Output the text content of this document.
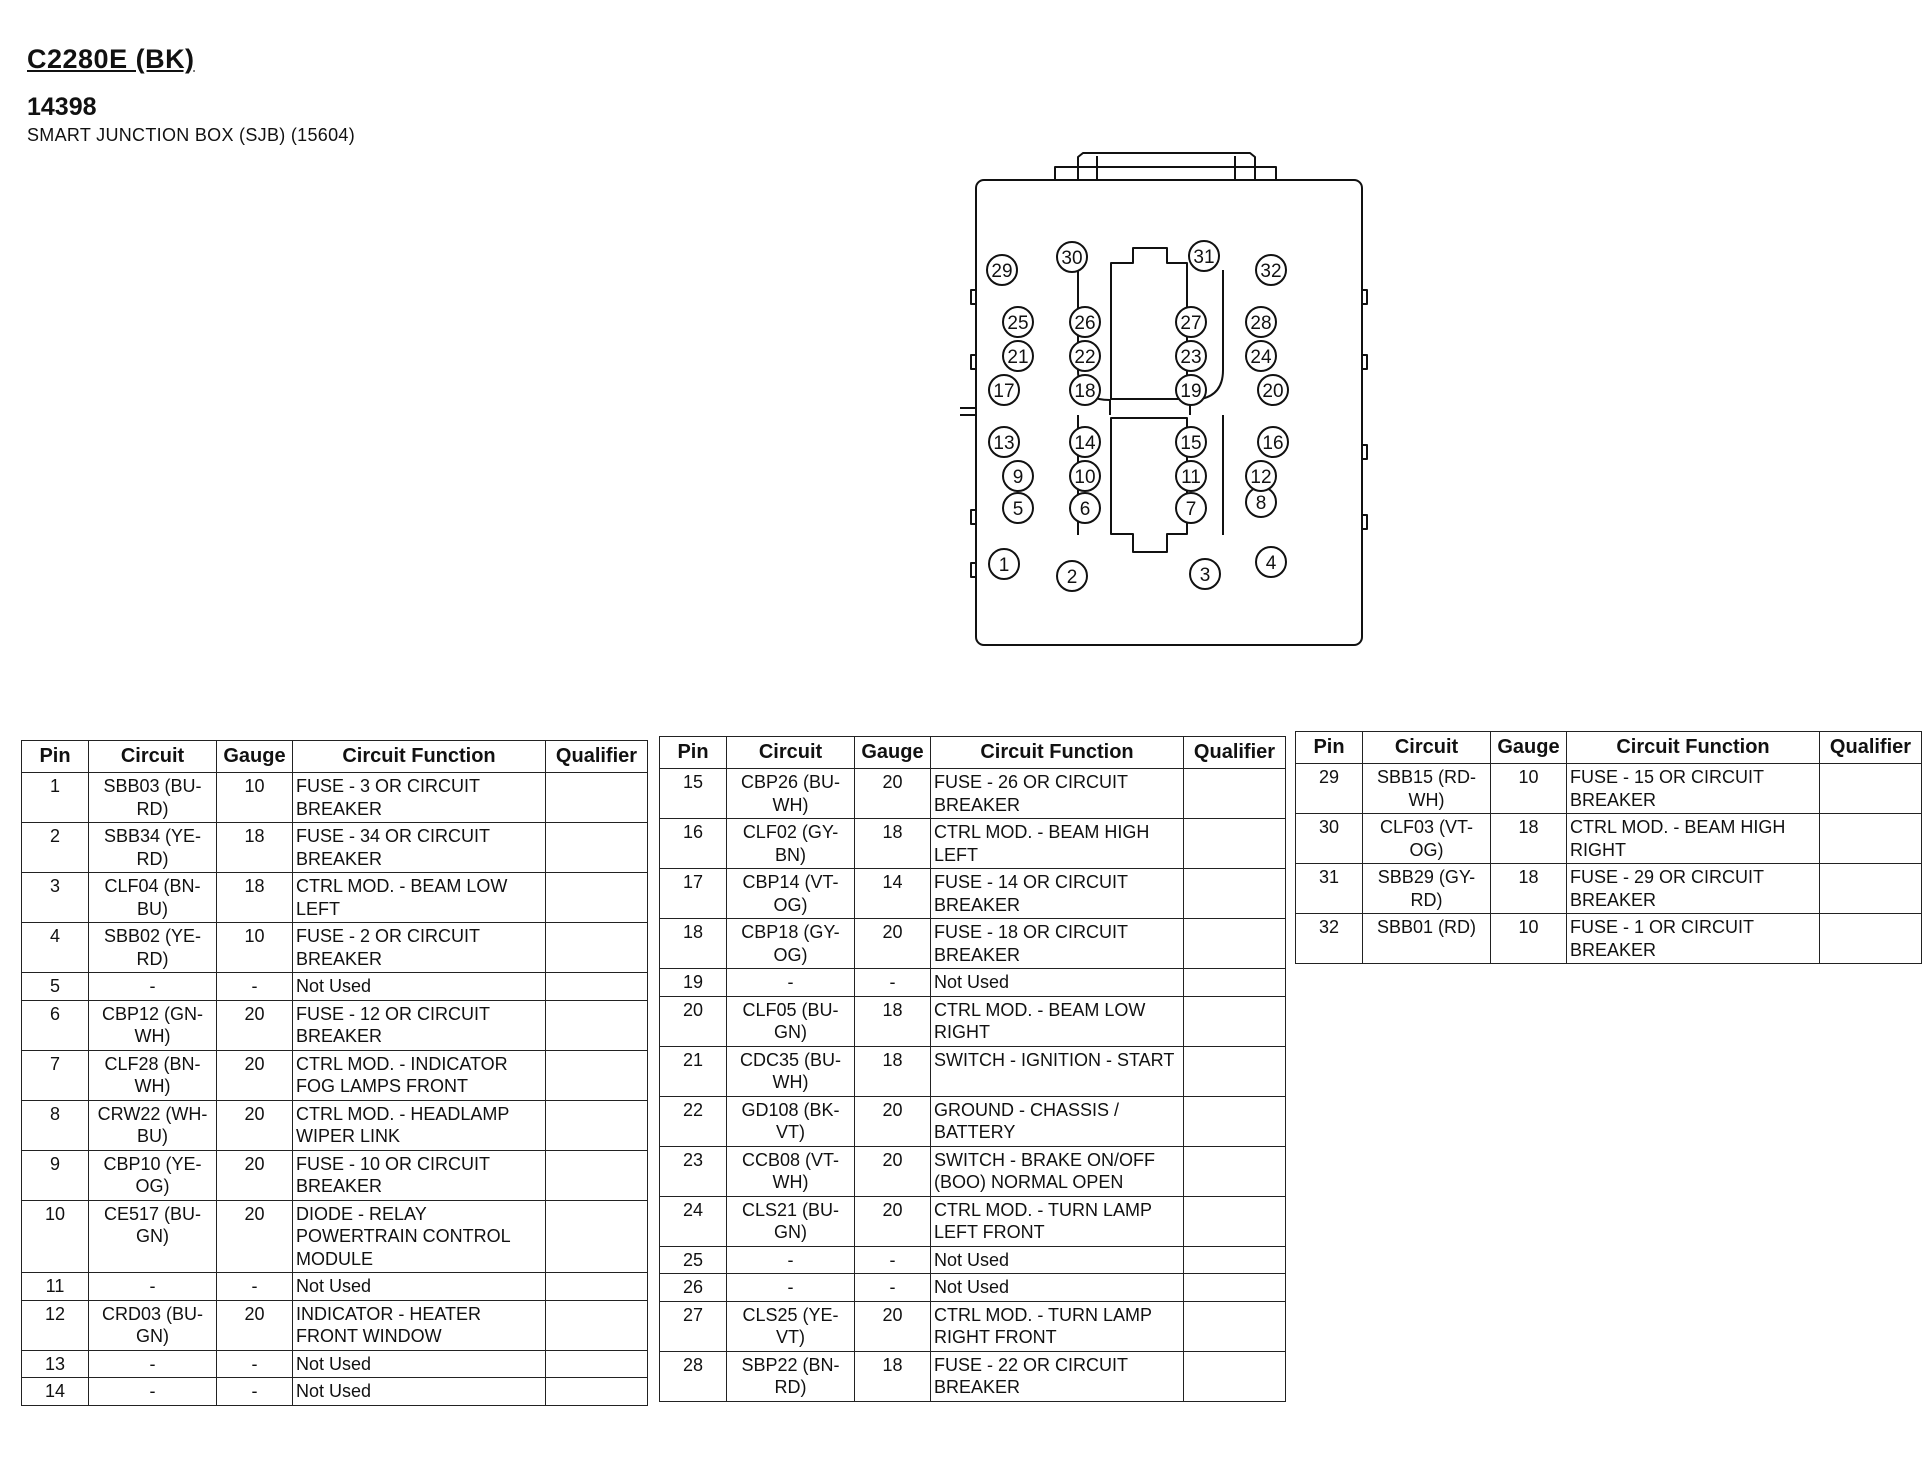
C2280E (BK)
14398
SMART JUNCTION BOX (SJB) (15604)
1
2	3
4
5	6	7	8
9	10	11	12
13	14	15	16
17	18	19	20
21 22	23	24
25 26	27	28
29
30	31
32
Pin	Circuit	Gauge	Circuit Function	Qualifier
1	SBB03 (BU-RD)	10	FUSE - 3 OR CIRCUIT BREAKER	
2	SBB34 (YE-RD)	18	FUSE - 34 OR CIRCUIT BREAKER	
3	CLF04 (BN-BU)	18	CTRL MOD. - BEAM LOW LEFT	
4	SBB02 (YE-RD)	10	FUSE - 2 OR CIRCUIT BREAKER	
5	-	-	Not Used	
6	CBP12 (GN-WH)	20	FUSE - 12 OR CIRCUIT BREAKER	
7	CLF28 (BN-WH)	20	CTRL MOD. - INDICATOR FOG LAMPS FRONT	
8	CRW22 (WH-BU)	20	CTRL MOD. - HEADLAMP WIPER LINK	
9	CBP10 (YE-OG)	20	FUSE - 10 OR CIRCUIT BREAKER	
10	CE517 (BU-GN)	20	DIODE - RELAY POWERTRAIN CONTROL MODULE	
11	-	-	Not Used	
12	CRD03 (BU-GN)	20	INDICATOR - HEATER FRONT WINDOW	
13	-	-	Not Used	
14	-	-	Not Used	
Pin	Circuit	Gauge	Circuit Function	Qualifier
15	CBP26 (BU-WH)	20	FUSE - 26 OR CIRCUIT BREAKER	
16	CLF02 (GY-BN)	18	CTRL MOD. - BEAM HIGH LEFT	
17	CBP14 (VT-OG)	14	FUSE - 14 OR CIRCUIT BREAKER	
18	CBP18 (GY-OG)	20	FUSE - 18 OR CIRCUIT BREAKER	
19	-	-	Not Used	
20	CLF05 (BU-GN)	18	CTRL MOD. - BEAM LOW RIGHT	
21	CDC35 (BU-WH)	18	SWITCH - IGNITION - START	
22	GD108 (BK-VT)	20	GROUND - CHASSIS / BATTERY	
23	CCB08 (VT-WH)	20	SWITCH - BRAKE ON/OFF (BOO) NORMAL OPEN	
24	CLS21 (BU-GN)	20	CTRL MOD. - TURN LAMP LEFT FRONT	
25	-	-	Not Used	
26	-	-	Not Used	
27	CLS25 (YE-VT)	20	CTRL MOD. - TURN LAMP RIGHT FRONT	
28	SBP22 (BN-RD)	18	FUSE - 22 OR CIRCUIT BREAKER	
Pin	Circuit	Gauge	Circuit Function	Qualifier
29	SBB15 (RD-WH)	10	FUSE - 15 OR CIRCUIT BREAKER	
30	CLF03 (VT-OG)	18	CTRL MOD. - BEAM HIGH RIGHT	
31	SBB29 (GY-RD)	18	FUSE - 29 OR CIRCUIT BREAKER	
32	SBB01 (RD)	10	FUSE - 1 OR CIRCUIT BREAKER	
